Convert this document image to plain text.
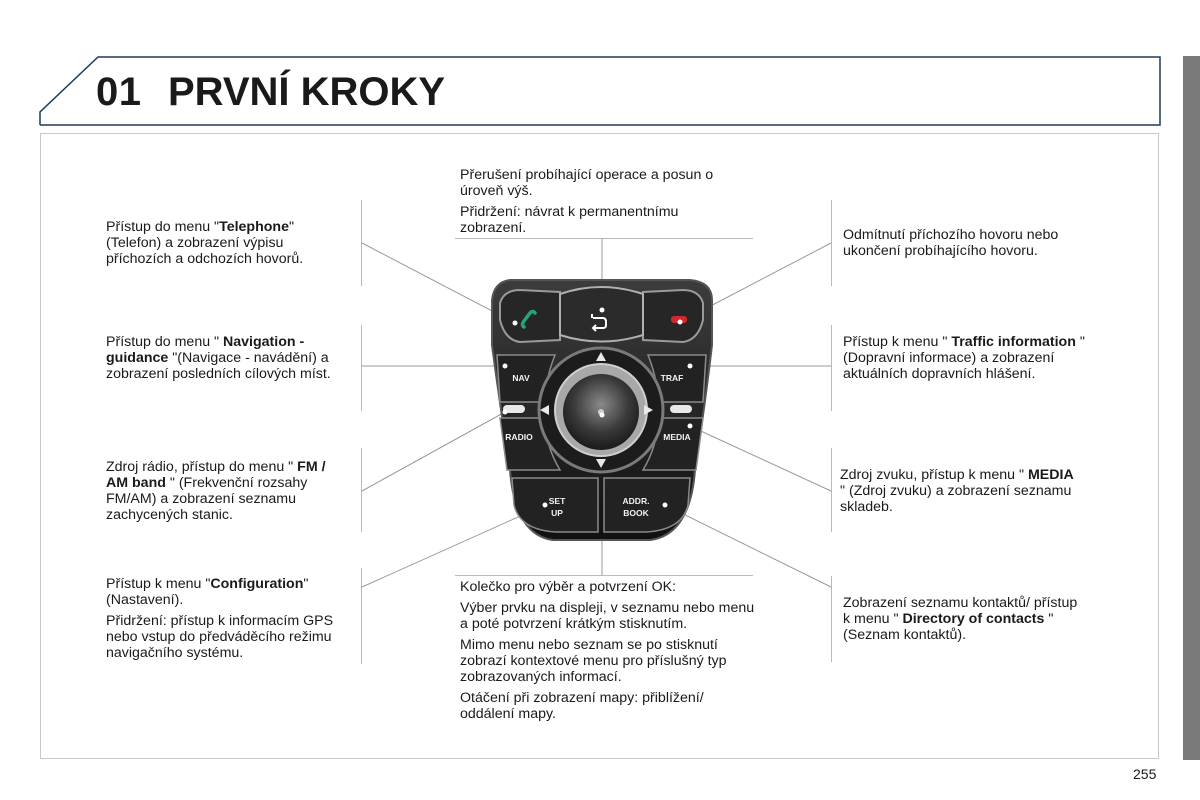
01 PRVNÍ KROKY
NAV	TRAF
RADIO	MEDIA
SET
UP
ADDR.
BOOK

Přerušení probíhající operace a posun o úroveň výš.

Přidržení: návrat k permanentnímu zobrazení.

Přístup do menu "Telephone" (Telefon) a zobrazení výpisu příchozích a odchozích hovorů.
Přístup do menu " Navigation - guidance "(Navigace - navádění) a zobrazení posledních cílových míst.
Zdroj rádio, přístup do menu " FM / AM band " (Frekvenční rozsahy FM/AM) a zobrazení seznamu zachycených stanic.

Přístup k menu "Configuration" (Nastavení).

Přidržení: přístup k informacím GPS nebo vstup do předváděcího režimu navigačního systému.

Odmítnutí příchozího hovoru nebo ukončení probíhajícího hovoru.

Přístup k menu " Traffic information " (Dopravní informace) a zobrazení aktuálních dopravních hlášení.
Zdroj zvuku, přístup k menu " MEDIA " (Zdroj zvuku) a zobrazení seznamu skladeb.
Zobrazení seznamu kontaktů/ přístup k menu " Directory of contacts " (Seznam kontaktů).

Kolečko pro výběr a potvrzení OK:

Výber prvku na displeji, v seznamu nebo menu a poté potvrzení krátkým stisknutím.

Mimo menu nebo seznam se po stisknutí zobrazí kontextové menu pro příslušný typ zobrazovaných informací.

Otáčení při zobrazení mapy: přiblížení/ oddálení mapy.

255
